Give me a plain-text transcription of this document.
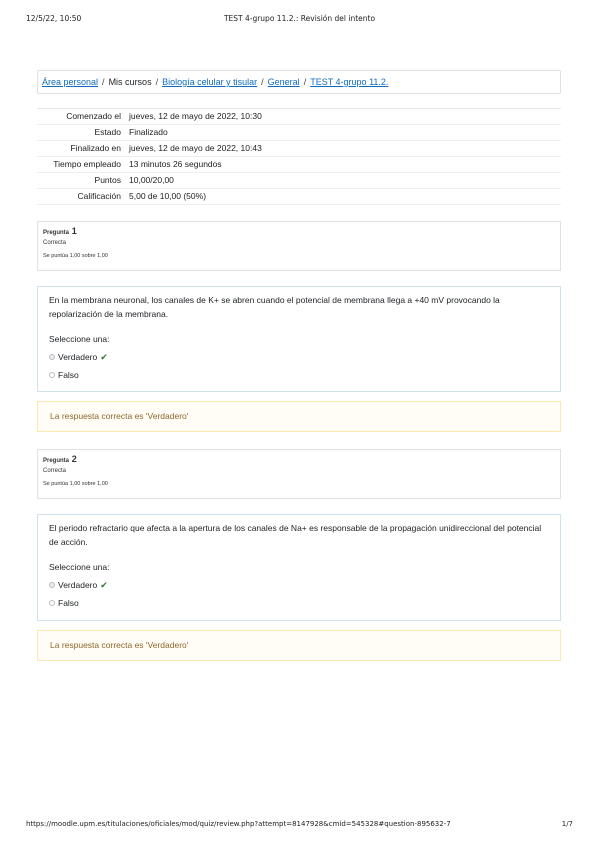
12/5/22, 10:50	TEST 4-grupo 11.2.: Revisión del intento
Área personal / Mis cursos / Biología celular y tisular / General / TEST 4-grupo 11.2.
Comenzado el jueves, 12 de mayo de 2022, 10:30
Estado Finalizado
Finalizado en jueves, 12 de mayo de 2022, 10:43
Tiempo empleado 13 minutos 26 segundos
Puntos 10,00/20,00
Calificación 5,00 de 10,00 (50%)
Pregunta 1
Correcta
Se puntúa 1,00 sobre 1,00
En la membrana neuronal, los canales de K+ se abren cuando el potencial de membrana llega a +40 mV provocando la repolarización de la membrana.
Seleccione una:
Verdadero ✔
Falso
La respuesta correcta es 'Verdadero'
Pregunta 2
Correcta
Se puntúa 1,00 sobre 1,00
El periodo refractario que afecta a la apertura de los canales de Na+ es responsable de la propagación unidireccional del potencial de acción.
Seleccione una:
Verdadero ✔
Falso
La respuesta correcta es 'Verdadero'
https://moodle.upm.es/titulaciones/oficiales/mod/quiz/review.php?attempt=8147928&cmid=545328#question-895632-7	1/7
